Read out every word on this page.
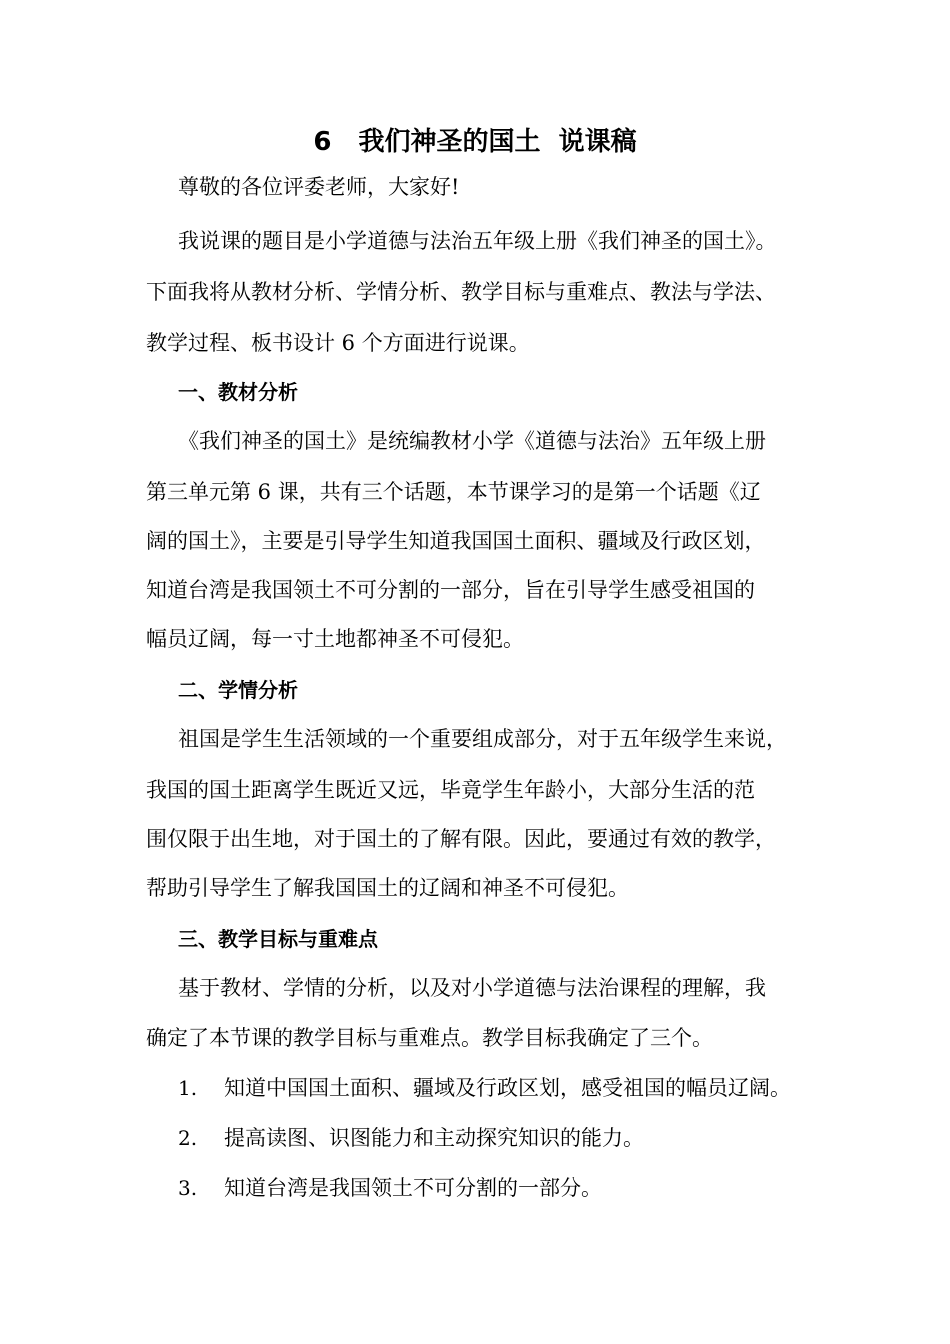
6   我们神圣的国土  说课稿
尊敬的各位评委老师，大家好!
我说课的题目是小学道德与法治五年级上册《我们神圣的国土》。
下面我将从教材分析、学情分析、教学目标与重难点、教法与学法、
教学过程、板书设计 6 个方面进行说课。
一、教材分析
《我们神圣的国土》是统编教材小学《道德与法治》五年级上册
第三单元第 6 课，共有三个话题，本节课学习的是第一个话题《辽
阔的国土》，主要是引导学生知道我国国土面积、疆域及行政区划，
知道台湾是我国领土不可分割的一部分，旨在引导学生感受祖国的
幅员辽阔，每一寸土地都神圣不可侵犯。
二、学情分析
祖国是学生生活领域的一个重要组成部分，对于五年级学生来说，
我国的国土距离学生既近又远，毕竟学生年龄小，大部分生活的范
围仅限于出生地，对于国土的了解有限。因此，要通过有效的教学，
帮助引导学生了解我国国土的辽阔和神圣不可侵犯。
三、教学目标与重难点
基于教材、学情的分析，以及对小学道德与法治课程的理解，我
确定了本节课的教学目标与重难点。教学目标我确定了三个。
1. 知道中国国土面积、疆域及行政区划，感受祖国的幅员辽阔。
2. 提高读图、识图能力和主动探究知识的能力。
3. 知道台湾是我国领土不可分割的一部分。
